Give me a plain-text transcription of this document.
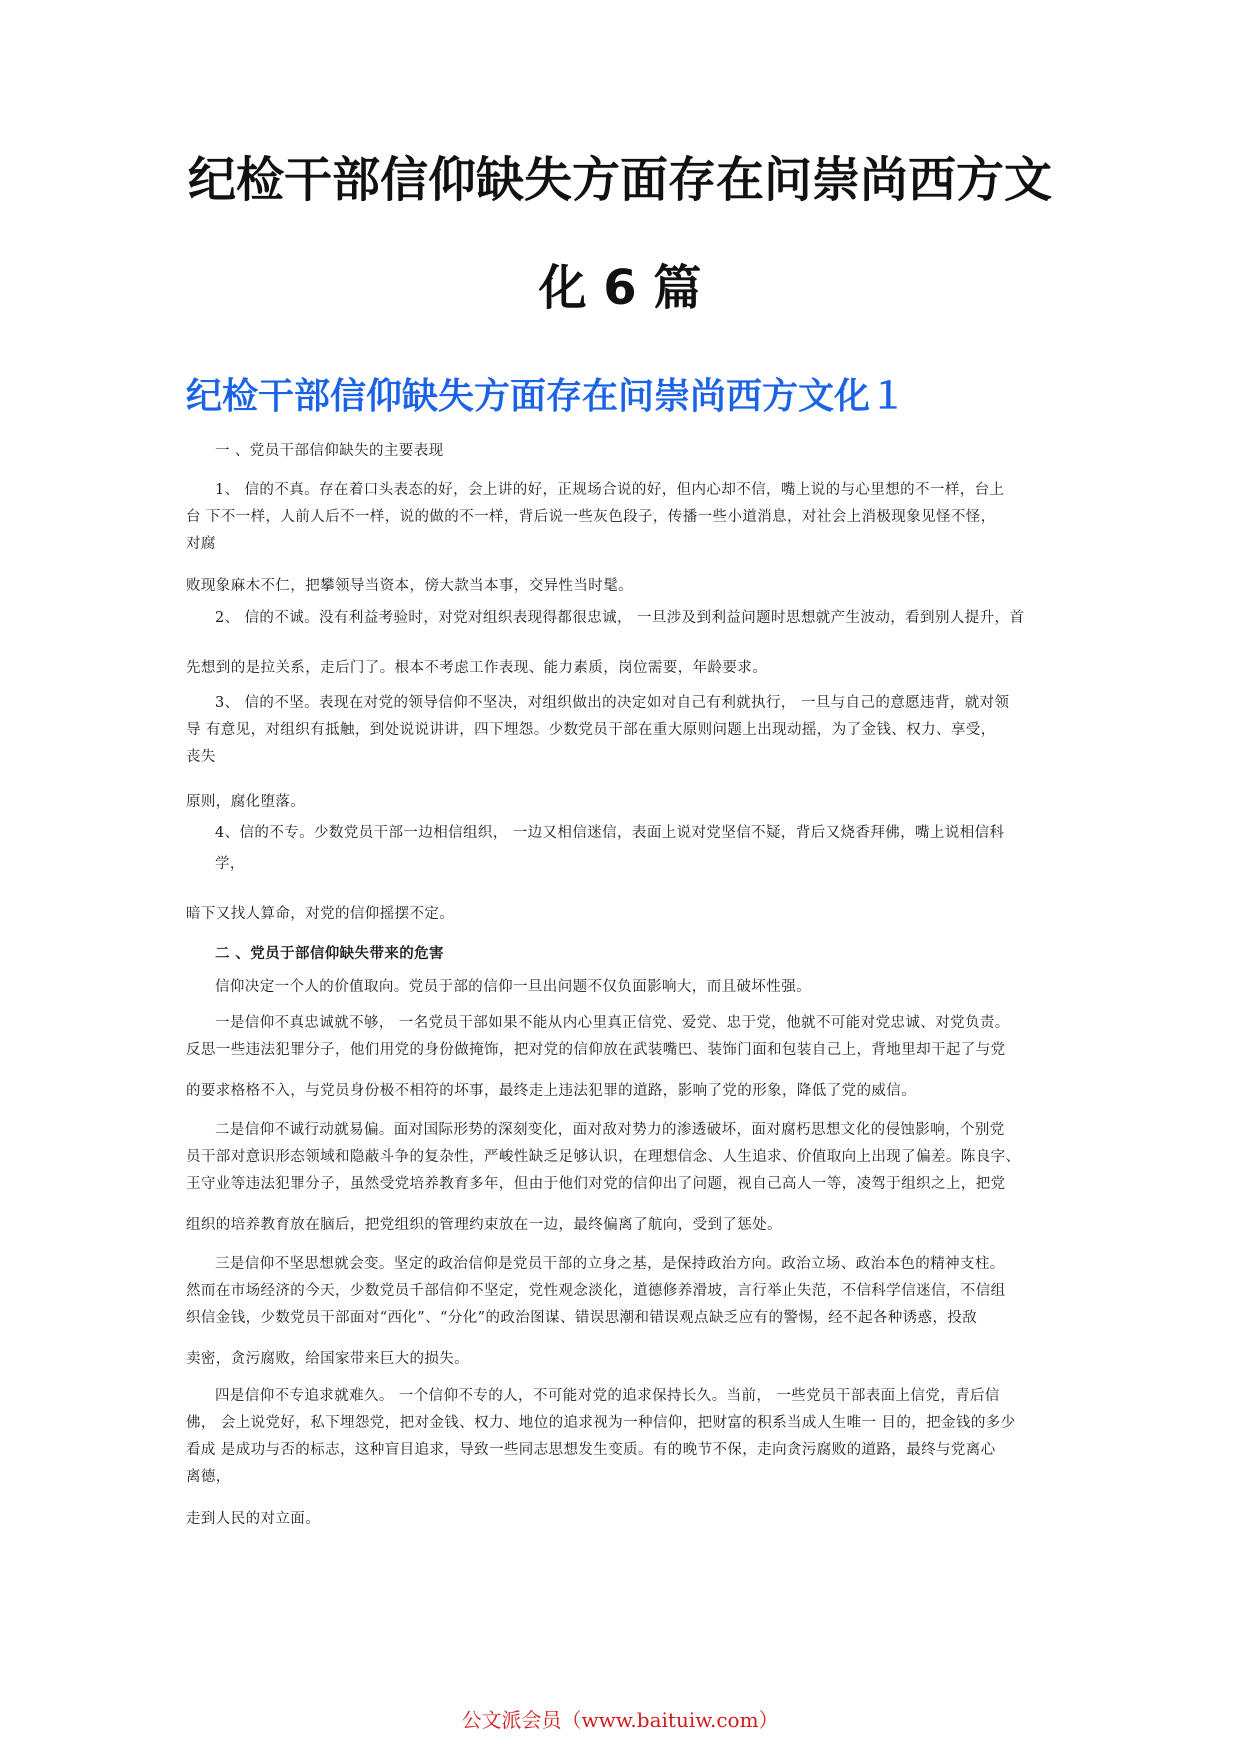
纪检干部信仰缺失方面存在问崇尚西方文
化 6 篇
纪检干部信仰缺失方面存在问崇尚西方文化１
一 、党员干部信仰缺失的主要表现
1、 信的不真。存在着口头表态的好，会上讲的好，正规场合说的好，但内心却不信，嘴上说的与心里想的不一样，台上
台 下不一样，人前人后不一样，说的做的不一样，背后说一些灰色段子，传播一些小道消息，对社会上消极现象见怪不怪，
对腐
败现象麻木不仁，把攀领导当资本，傍大款当本事，交异性当时髦。
2、 信的不诚。没有利益考验时，对党对组织表现得都很忠诚， 一旦涉及到利益问题时思想就产生波动，看到别人提升，首
先想到的是拉关系，走后门了。根本不考虑工作表现、能力素质，岗位需要，年龄要求。
3、 信的不坚。表现在对党的领导信仰不坚决，对组织做出的决定如对自己有利就执行， 一旦与自己的意愿违背，就对领
导 有意见，对组织有抵触，到处说说讲讲，四下埋怨。少数党员干部在重大原则问题上出现动摇，为了金钱、权力、享受，
丧失
原则，腐化堕落。
4、信的不专。少数党员干部一边相信组织， 一边又相信迷信，表面上说对党坚信不疑，背后又烧香拜佛，嘴上说相信科
学，
暗下又找人算命，对党的信仰摇摆不定。
二 、党员于部信仰缺失带来的危害
信仰决定一个人的价值取向。党员于部的信仰一旦出问题不仅负面影响大，而且破坏性强。
一是信仰不真忠诚就不够， 一名党员干部如果不能从内心里真正信党、爱党、忠于党，他就不可能对党忠诚、对党负责。
反思一些违法犯罪分子，他们用党的身份做掩饰，把对党的信仰放在武装嘴巴、装饰门面和包装自己上，背地里却干起了与党
的要求格格不入，与党员身份极不相符的坏事，最终走上违法犯罪的道路，影响了党的形象，降低了党的威信。
二是信仰不诚行动就易偏。面对国际形势的深刻变化，面对敌对势力的渗透破坏，面对腐朽思想文化的侵蚀影响，个别党
员干部对意识形态领域和隐蔽斗争的复杂性，严峻性缺乏足够认识，在理想信念、人生追求、价值取向上出现了偏差。陈良字、
王守业等违法犯罪分子，虽然受党培养教育多年，但由于他们对党的信仰出了问题，视自己高人一等，凌驾于组织之上，把党
组织的培养教育放在脑后，把党组织的管理约束放在一边，最终偏离了航向，受到了惩处。
三是信仰不坚思想就会变。坚定的政治信仰是党员干部的立身之基，是保持政治方向。政治立场、政治本色的精神支柱。
然而在市场经济的今天，少数党员千部信仰不坚定，党性观念淡化，道德修养滑坡，言行举止失范，不信科学信迷信，不信组
织信金钱，少数党员干部面对“西化”、“分化”的政治图谋、错误思潮和错误观点缺乏应有的警惕，经不起各种诱惑，投敌
卖密，贪污腐败，给国家带来巨大的损失。
四是信仰不专追求就难久。 一个信仰不专的人，不可能对党的追求保持长久。当前， 一些党员干部表面上信党，青后信
佛， 会上说党好，私下埋怨党，把对金钱、权力、地位的追求视为一种信仰，把财富的积系当成人生唯一 目的，把金钱的多少
看成 是成功与否的标志，这种盲目追求，导致一些同志思想发生变质。有的晚节不保，走向贪污腐败的道路，最终与党离心
离德，
走到人民的对立面。
公文派会员（www.baituiw.com）
